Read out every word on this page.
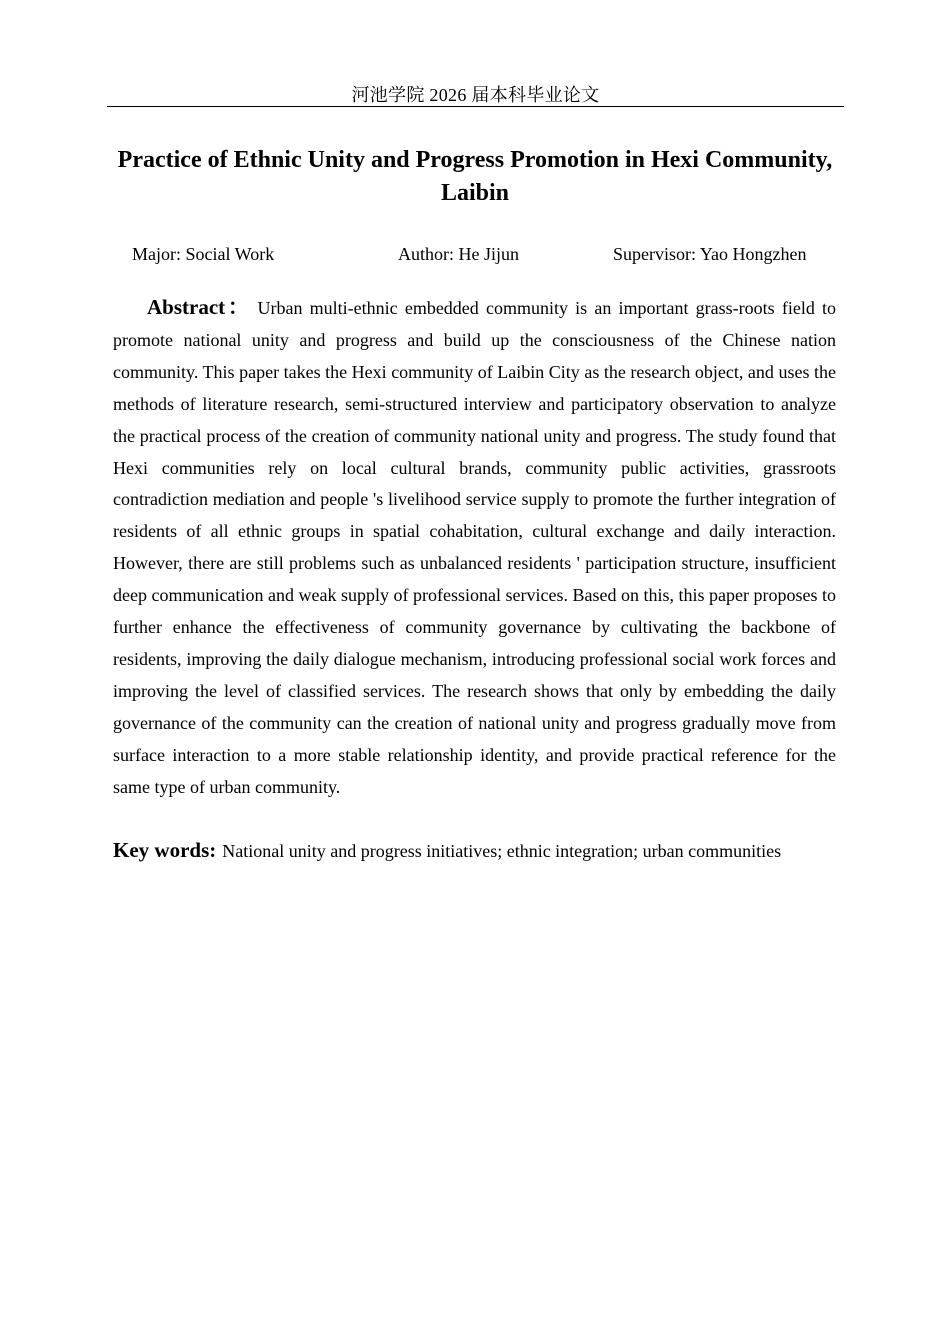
河池学院 2026 届本科毕业论文
Practice of Ethnic Unity and Progress Promotion in Hexi Community, Laibin
Major: Social Work	Author: He Jijun	Supervisor: Yao Hongzhen

Abstract： Urban multi-ethnic embedded community is an important grass-roots field to promote national unity and progress and build up the consciousness of the Chinese nation community. This paper takes the Hexi community of Laibin City as the research object, and uses the methods of literature research, semi-structured interview and participatory observation to analyze the practical process of the creation of community national unity and progress. The study found that Hexi communities rely on local cultural brands, community public activities, grassroots contradiction mediation and people 's livelihood service supply to promote the further integration of residents of all ethnic groups in spatial cohabitation, cultural exchange and daily interaction. However, there are still problems such as unbalanced residents ' participation structure, insufficient deep communication and weak supply of professional services. Based on this, this paper proposes to further enhance the effectiveness of community governance by cultivating the backbone of residents, improving the daily dialogue mechanism, introducing professional social work forces and improving the level of classified services. The research shows that only by embedding the daily governance of the community can the creation of national unity and progress gradually move from surface interaction to a more stable relationship identity, and provide practical reference for the same type of urban community.

Key words: National unity and progress initiatives; ethnic integration; urban communities
